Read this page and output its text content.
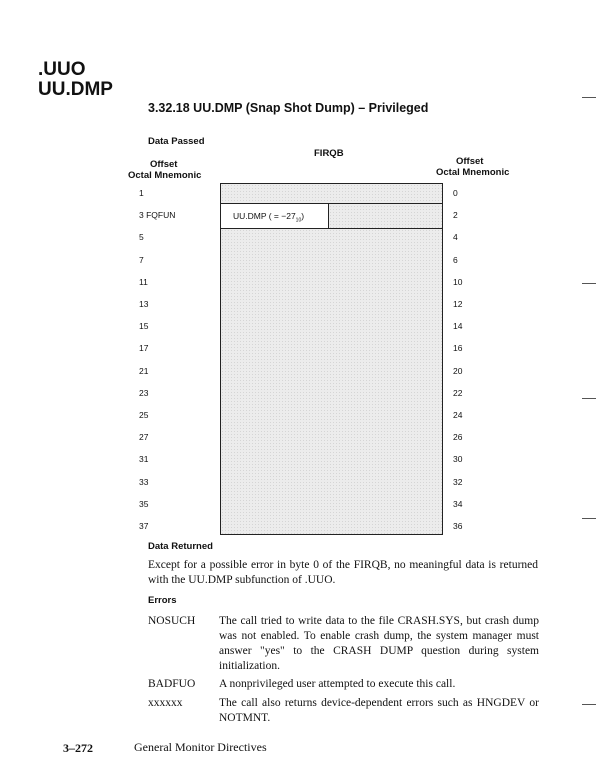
.UUO
UU.DMP
3.32.18 UU.DMP (Snap Shot Dump) – Privileged
Data Passed
FIRQB
Offset
Octal Mnemonic
Offset
Octal Mnemonic
UU.DMP ( = $-27_{10}$)
Data Returned
Except for a possible error in byte 0 of the FIRQB, no meaningful data is returned with the UU.DMP subfunction of .UUO.
Errors
NOSUCH The call tried to write data to the file CRASH.SYS, but crash dump was not enabled. To enable crash dump, the system manager must answer "yes" to the CRASH DUMP question during system initialization.
BADFUO A nonprivileged user attempted to execute this call.
xxxxxx	The call also returns device-dependent errors such as HNGDEV or NOTMNT.
3–272	General Monitor Directives
1
3 FQFUN
5
7
11
13
15
17
21
23
25
27
31
33
35
37
0
2
4
6
10
12
14
16
20
22
24
26
30
32
34
36
